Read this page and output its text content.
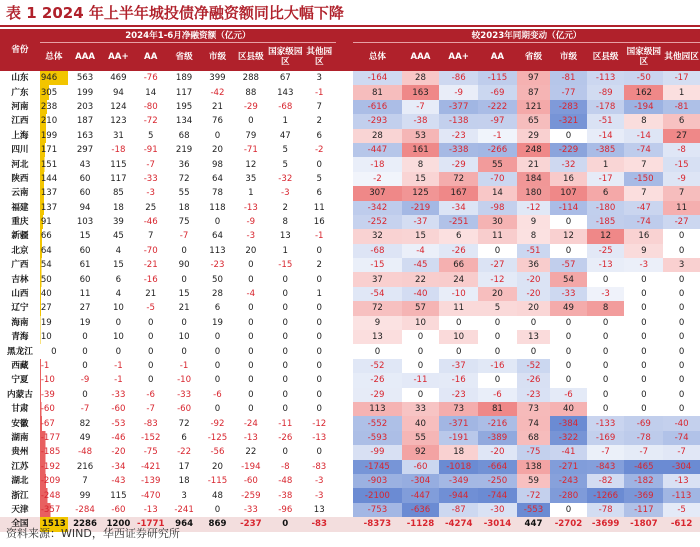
表 1 2024 年上半年城投债净融资额同比大幅下降
省份	2024年1-6月净融资额（亿元）										较2023年同期变动（亿元）								
	总体	AAA	AA+	AA	省级	市级	区县级	国家级园区	其他园区		总体	AAA	AA+	AA	省级	市级	区县级	国家级园区	其他园区
山东	946	563	469	-76	189	399	288	67	3		-164	28	-86	-115	97	-81	-113	-50	-17
广东	305	199	94	14	117	-42	88	143	-1		81	163	-9	-69	87	-77	-89	162	1
河南	238	203	124	-80	195	21	-29	-68	7		-616	-7	-377	-222	121	-283	-178	-194	-81
江西	210	187	123	-72	134	76	0	1	2		-293	-38	-138	-97	65	-321	-51	8	6
上海	199	163	31	5	68	0	79	47	6		28	53	-23	-1	29	0	-14	-14	27
四川	171	297	-18	-91	219	20	-71	5	-2		-447	161	-338	-266	248	-229	-385	-74	-8
河北	151	43	115	-7	36	98	12	5	0		-18	8	-29	55	21	-32	1	7	-15
陕西	144	60	117	-33	72	64	35	-32	5		-2	15	72	-70	184	16	-17	-150	-9
云南	137	60	85	-3	55	78	1	-3	6		307	125	167	14	180	107	6	7	7
福建	137	94	18	25	18	118	-13	2	11		-342	-219	-34	-98	-12	-114	-180	-47	11
重庆	91	103	39	-46	75	0	-9	8	16		-252	-37	-251	30	9	0	-185	-74	-27
新疆	66	15	45	7	-7	64	-3	13	-1		32	15	6	11	8	12	12	16	0
北京	64	60	4	-70	0	113	20	1	0		-68	-4	-26	0	-51	0	-25	9	0
广西	54	61	15	-21	90	-23	0	-15	2		-15	-45	66	-27	36	-57	-13	-3	3
吉林	50	60	6	-16	0	50	0	0	0		37	22	24	-12	-20	54	0	0	0
山西	40	11	4	21	15	28	-4	0	1		-54	-40	-10	20	-20	-33	-3	0	0
辽宁	27	27	10	-5	21	6	0	0	0		72	57	11	5	20	49	8	0	0
海南	19	19	0	0	0	19	0	0	0		9	10	0	0	0	0	0	0	0
青海	10	0	10	0	10	0	0	0	0		13	0	10	0	13	0	0	0	0
黑龙江	0	0	0	0	0	0	0	0	0		0	0	0	0	0	0	0	0	0
西藏	-1	0	-1	0	-1	0	0	0	0		-52	0	-37	-16	-52	0	0	0	0
宁夏	-10	-9	-1	0	-10	0	0	0	0		-26	-11	-16	0	-26	0	0	0	0
内蒙古	-39	0	-33	-6	-33	-6	0	0	0		-29	0	-23	-6	-23	-6	0	0	0
甘肃	-60	-7	-60	-7	-60	0	0	0	0		113	33	73	81	73	40	0	0	0
安徽	-67	82	-53	-83	72	-92	-24	-11	-12		-552	40	-371	-216	74	-384	-133	-69	-40
湖南	-177	49	-46	-152	6	-125	-13	-26	-13		-593	55	-191	-389	68	-322	-169	-78	-74
贵州	-185	-48	-20	-75	-22	-56	22	0	0		-99	92	18	-20	-75	-41	-7	-7	-7
江苏	-192	216	-34	-421	17	20	-194	-8	-83		-1745	-60	-1018	-664	138	-271	-843	-465	-304
湖北	-209	7	-43	-139	18	-115	-60	-48	-3		-903	-304	-349	-250	59	-243	-82	-182	-13
浙江	-248	99	115	-470	3	48	-259	-38	-3		-2100	-447	-944	-744	-72	-280	-1266	-369	-113
天津	-357	-284	-60	-13	-241	0	-33	-96	13		-753	-636	-87	-30	-553	0	-78	-117	-5
全国	1513	2286	1200	-1771	964	869	-237	0	-83		-8373	-1128	-4274	-3014	447	-2702	-3699	-1807	-612
资料来源：WIND，华西证券研究所
